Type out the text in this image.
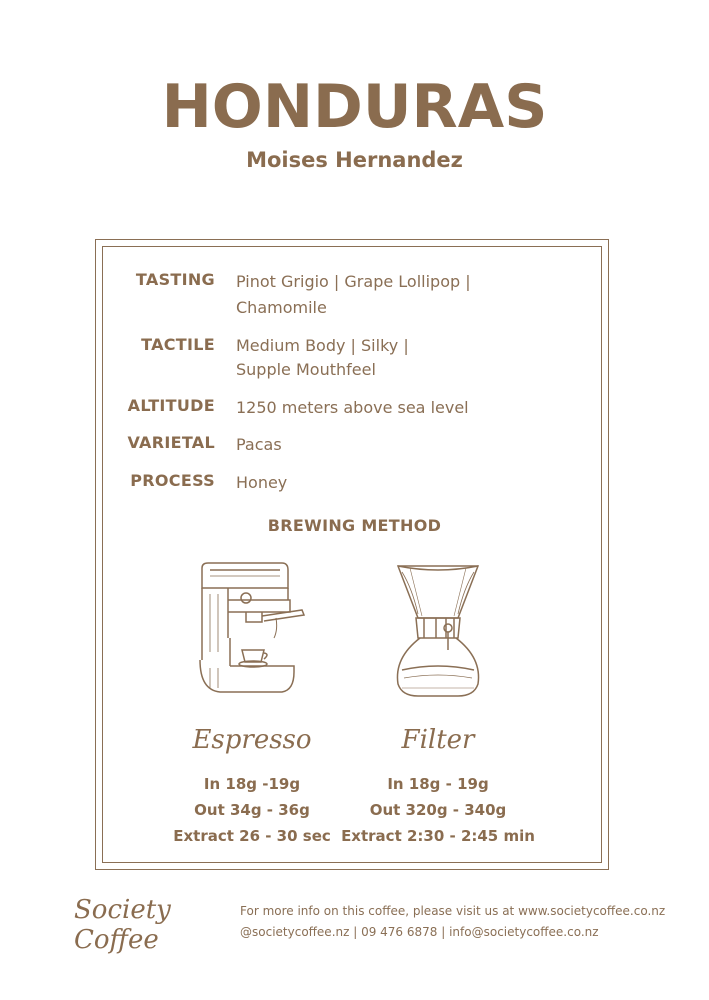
HONDURAS
Moises Hernandez
TASTING Pinot Grigio | Grape Lollipop |
Chamomile
TACTILE Medium Body | Silky |
Supple Mouthfeel
ALTITUDE 1250 meters above sea level
VARIETAL Pacas
PROCESS Honey
BREWING METHOD
Espresso	Filter
In 18g -19g
Out 34g - 36g
Extract 26 - 30 sec
In 18g - 19g
Out 320g - 340g
Extract 2:30 - 2:45 min
Society Coffee
For more info on this coffee, please visit us at www.societycoffee.co.nz
@societycoffee.nz | 09 476 6878 | info@societycoffee.co.nz
